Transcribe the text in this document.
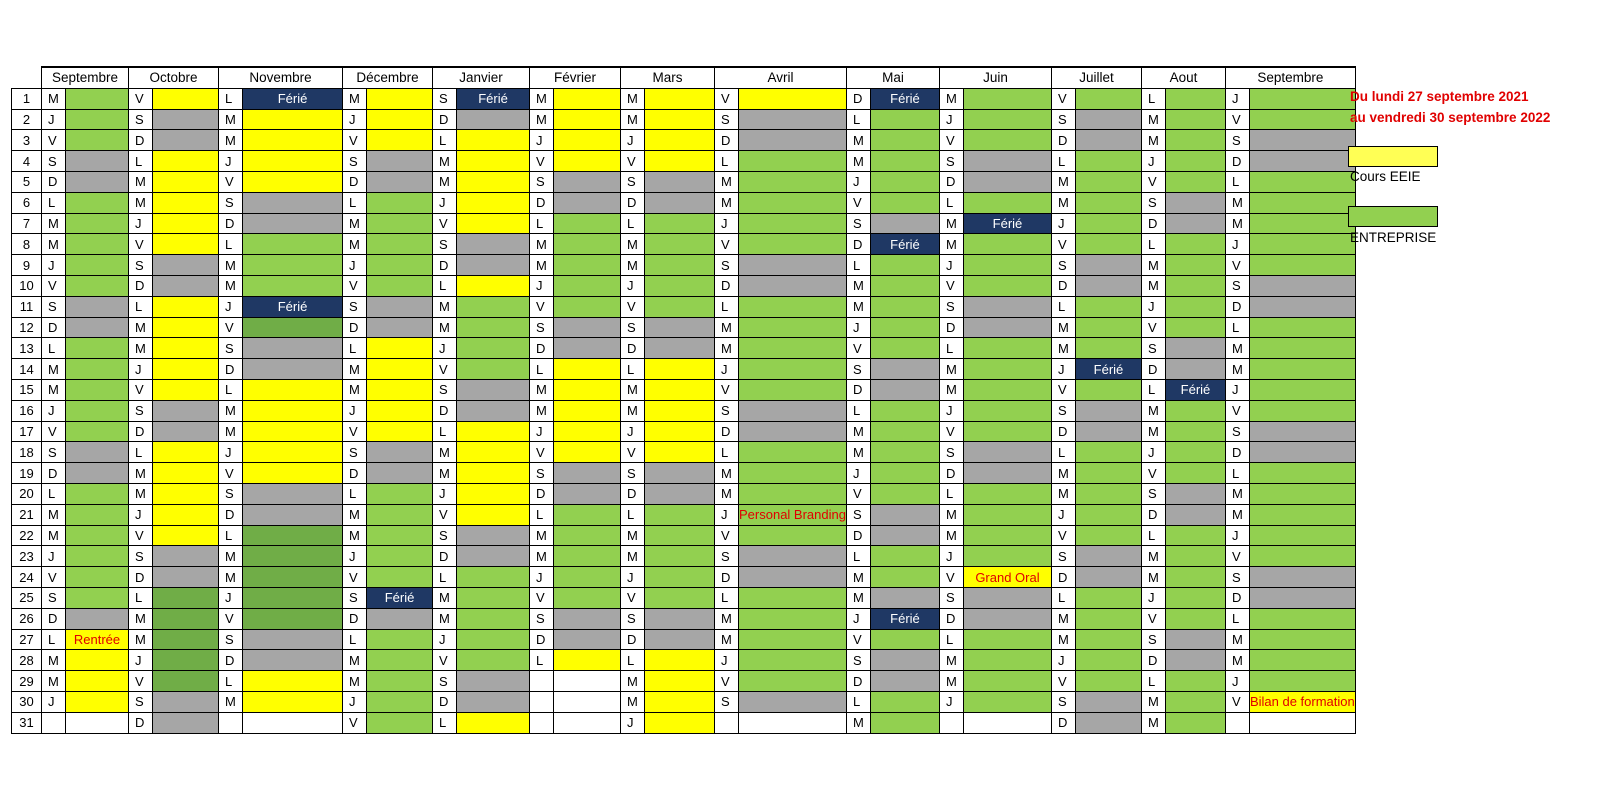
	Septembre		Octobre		Novembre		Décembre		Janvier		Février		Mars		Avril		Mai		Juin		Juillet		Aout		Septembre	
1	M		V		L	Férié	M		S	Férié	M		M		V		D	Férié	M		V		L		J	
2	J		S		M		J		D		M		M		S		L		J		S		M		V	
3	V		D		M		V		L		J		J		D		M		V		D		M		S	
4	S		L		J		S		M		V		V		L		M		S		L		J		D	
5	D		M		V		D		M		S		S		M		J		D		M		V		L	
6	L		M		S		L		J		D		D		M		V		L		M		S		M	
7	M		J		D		M		V		L		L		J		S		M	Férié	J		D		M	
8	M		V		L		M		S		M		M		V		D	Férié	M		V		L		J	
9	J		S		M		J		D		M		M		S		L		J		S		M		V	
10	V		D		M		V		L		J		J		D		M		V		D		M		S	
11	S		L		J	Férié	S		M		V		V		L		M		S		L		J		D	
12	D		M		V		D		M		S		S		M		J		D		M		V		L	
13	L		M		S		L		J		D		D		M		V		L		M		S		M	
14	M		J		D		M		V		L		L		J		S		M		J	Férié	D		M	
15	M		V		L		M		S		M		M		V		D		M		V		L	Férié	J	
16	J		S		M		J		D		M		M		S		L		J		S		M		V	
17	V		D		M		V		L		J		J		D		M		V		D		M		S	
18	S		L		J		S		M		V		V		L		M		S		L		J		D	
19	D		M		V		D		M		S		S		M		J		D		M		V		L	
20	L		M		S		L		J		D		D		M		V		L		M		S		M	
21	M		J		D		M		V		L		L		J	Personal Branding	S		M		J		D		M	
22	M		V		L		M		S		M		M		V		D		M		V		L		J	
23	J		S		M		J		D		M		M		S		L		J		S		M		V	
24	V		D		M		V		L		J		J		D		M		V	Grand Oral	D		M		S	
25	S		L		J		S	Férié	M		V		V		L		M		S		L		J		D	
26	D		M		V		D		M		S		S		M		J	Férié	D		M		V		L	
27	L	Rentrée	M		S		L		J		D		D		M		V		L		M		S		M	
28	M		J		D		M		V		L		L		J		S		M		J		D		M	
29	M		V		L		M		S				M		V		D		M		V		L		J	
30	J		S		M		J		D				M		S		L		J		S		M		V	Bilan de formation
31			D				V		L				J				M				D		M			
Du lundi 27 septembre 2021
au vendredi 30 septembre 2022
Cours EEIE
ENTREPRISE
